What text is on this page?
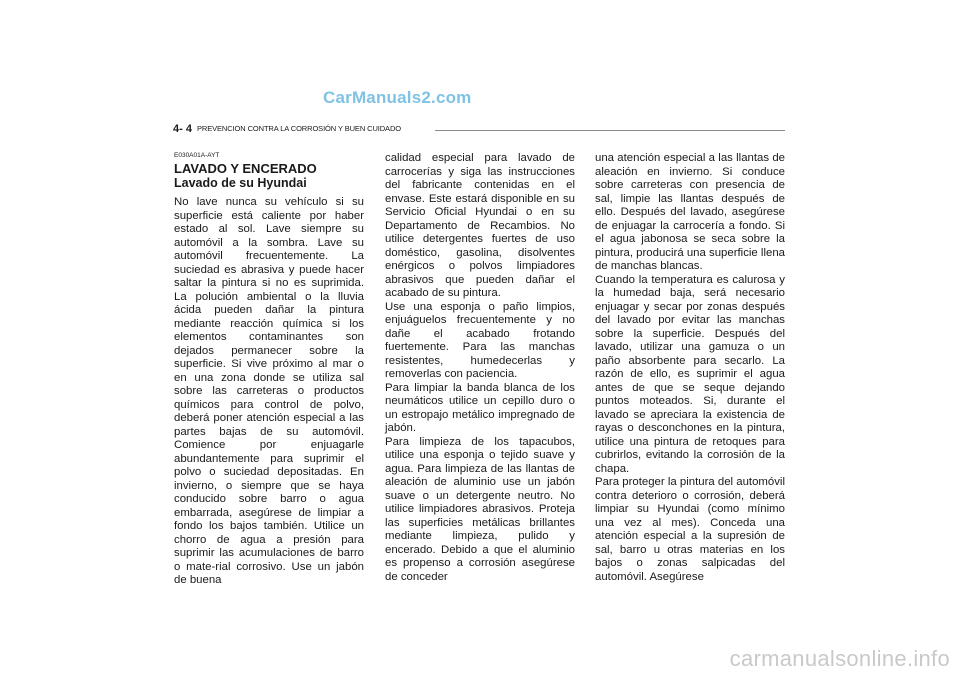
CarManuals2.com
4- 4 PREVENCION CONTRA LA CORROSIÓN Y BUEN CUIDADO
E030A01A-AYT
LAVADO Y ENCERADO
Lavado de su Hyundai

No lave nunca su vehículo si su superficie está caliente por haber estado al sol. Lave siempre su automóvil a la sombra. Lave su automóvil frecuentemente. La suciedad es abrasiva y puede hacer saltar la pintura si no es suprimida. La polución ambiental o la lluvia ácida pueden dañar la pintura mediante reacción química si los elementos contaminantes son dejados permanecer sobre la superficie. Si vive próximo al mar o en una zona donde se utiliza sal sobre las carreteras o productos químicos para control de polvo, deberá poner atención especial a las partes bajas de su automóvil. Comience por enjuagarle abundantemente para suprimir el polvo o suciedad depositadas. En invierno, o siempre que se haya conducido sobre barro o agua embarrada, asegúrese de limpiar a fondo los bajos también. Utilice un chorro de agua a presión para suprimir las acumulaciones de barro o mate-rial corrosivo. Use un jabón de buena

calidad especial para lavado de carrocerías y siga las instrucciones del fabricante contenidas en el envase. Este estará disponible en su Servicio Oficial Hyundai o en su Departamento de Recambios. No utilice detergentes fuertes de uso doméstico, gasolina, disolventes enérgicos o polvos limpiadores abrasivos que pueden dañar el acabado de su pintura.

Use una esponja o paño limpios, enjuáguelos frecuentemente y no dañe el acabado frotando fuertemente. Para las manchas resistentes, humedecerlas y removerlas con paciencia.

Para limpiar la banda blanca de los neumáticos utilice un cepillo duro o un estropajo metálico impregnado de jabón.

Para limpieza de los tapacubos, utilice una esponja o tejido suave y agua. Para limpieza de las llantas de aleación de aluminio use un jabón suave o un detergente neutro. No utilice limpiadores abrasivos. Proteja las superficies metálicas brillantes mediante limpieza, pulido y encerado. Debido a que el aluminio es propenso a corrosión asegúrese de conceder

una atención especial a las llantas de aleación en invierno. Si conduce sobre carreteras con presencia de sal, limpie las llantas después de ello. Después del lavado, asegúrese de enjuagar la carrocería a fondo. Si el agua jabonosa se seca sobre la pintura, producirá una superficie llena de manchas blancas.

Cuando la temperatura es calurosa y la humedad baja, será necesario enjuagar y secar por zonas después del lavado por evitar las manchas sobre la superficie. Después del lavado, utilizar una gamuza o un paño absorbente para secarlo. La razón de ello, es suprimir el agua antes de que se seque dejando puntos moteados. Si, durante el lavado se apreciara la existencia de rayas o desconchones en la pintura, utilice una pintura de retoques para cubrirlos, evitando la corrosión de la chapa.

Para proteger la pintura del automóvil contra deterioro o corrosión, deberá limpiar su Hyundai (como mínimo una vez al mes). Conceda una atención especial a la supresión de sal, barro u otras materias en los bajos o zonas salpicadas del automóvil. Asegúrese

carmanualsonline.info
